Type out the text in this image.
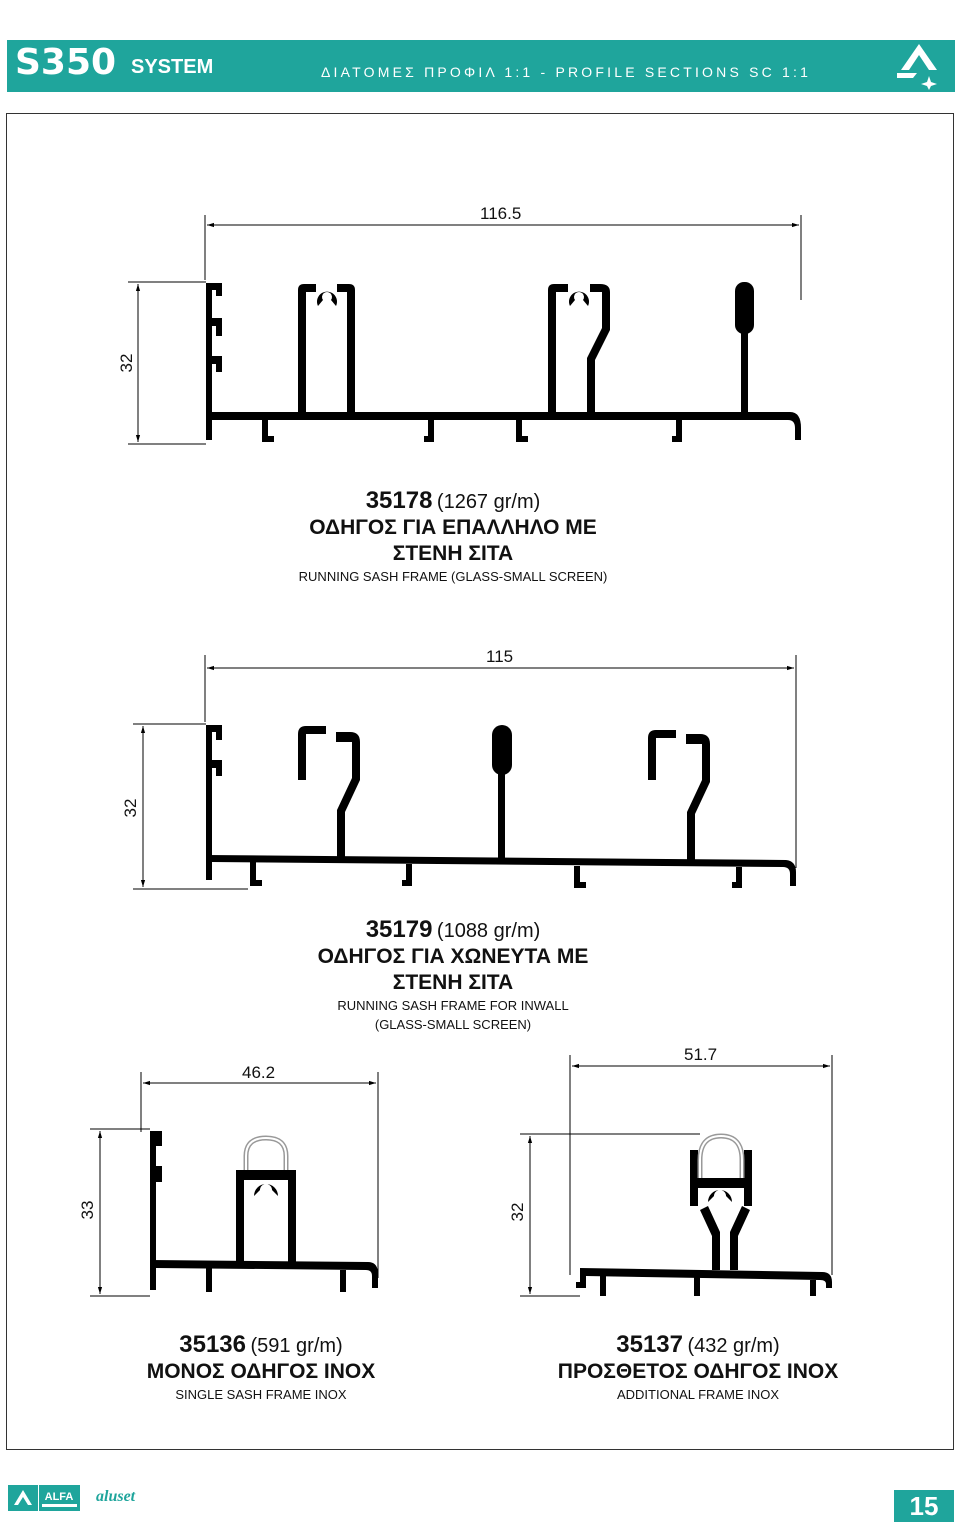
S350 SYSTEM	ΔΙΑΤΟΜΕΣ ΠΡΟΦΙΛ 1:1 - PROFILE SECTIONS SC 1:1
116.5
32
115
32
46.2
33
51.7
32
35178 (1267 gr/m)
ΟΔΗΓΟΣ ΓΙΑ ΕΠΑΛΛΗΛΟ ΜΕ
ΣΤΕΝΗ ΣΙΤΑ
RUNNING SASH FRAME (GLASS-SMALL SCREEN)
35179 (1088 gr/m)
ΟΔΗΓΟΣ ΓΙΑ ΧΩΝΕΥΤΑ ΜΕ
ΣΤΕΝΗ ΣΙΤΑ
RUNNING SASH FRAME FOR INWALL
(GLASS-SMALL SCREEN)
35136 (591 gr/m)
ΜΟΝΟΣ ΟΔΗΓΟΣ ΙΝΟΧ
SINGLE SASH FRAME INOX
35137 (432 gr/m)
ΠΡΟΣΘΕΤΟΣ ΟΔΗΓΟΣ ΙΝΟΧ
ADDITIONAL FRAME INOX
ALFA aluset	15
